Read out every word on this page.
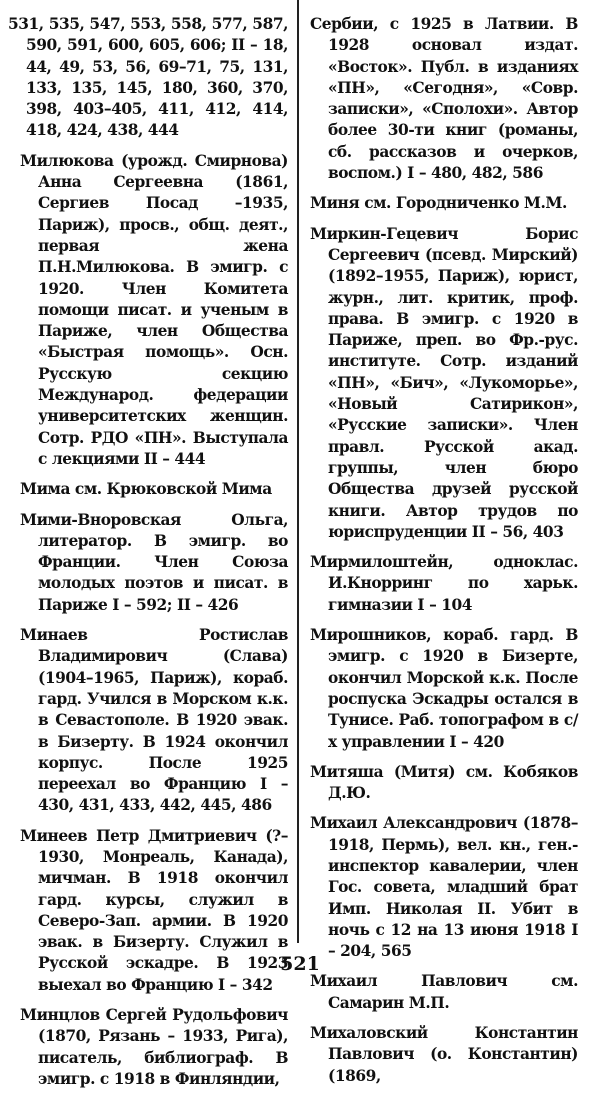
531, 535, 547, 553, 558, 577, 587, 590, 591, 600, 605, 606; II – 18, 44, 49, 53, 56, 69–71, 75, 131, 133, 135, 145, 180, 360, 370, 398, 403–405, 411, 412, 414, 418, 424, 438, 444
Милюкова (урожд. Смирнова) Анна Сергеевна (1861, Сергиев Посад –1935, Париж), просв., общ. деят., первая жена П.Н.Милюкова. В эмигр. с 1920. Член Комитета помощи писат. и ученым в Париже, член Общества «Быстрая помощь». Осн. Русскую секцию Международ. федерации университетских женщин. Сотр. РДО «ПН». Выступала с лекциями II – 444
Мима см. Крюковской Мима
Мими-Вноровская Ольга, литератор. В эмигр. во Франции. Член Союза молодых поэтов и писат. в Париже I – 592; II – 426
Минаев Ростислав Владимирович (Слава) (1904–1965, Париж), кораб. гард. Учился в Морском к.к. в Севастополе. В 1920 эвак. в Бизерту. В 1924 окончил корпус. После 1925 переехал во Францию I – 430, 431, 433, 442, 445, 486
Минеев Петр Дмитриевич (?–1930, Монреаль, Канада), мичман. В 1918 окончил гард. курсы, служил в Северо-Зап. армии. В 1920 эвак. в Бизерту. Служил в Русской эскадре. В 1923 выехал во Францию I – 342
Минцлов Сергей Рудольфович (1870, Рязань – 1933, Рига), писатель, библиограф. В эмигр. с 1918 в Финляндии,
Сербии, с 1925 в Латвии. В 1928 основал издат. «Восток». Публ. в изданиях «ПН», «Сегодня», «Совр. записки», «Сполохи». Автор более 30-ти книг (романы, сб. рассказов и очерков, воспом.) I – 480, 482, 586
Миня см. Городниченко М.М.
Миркин-Гецевич Борис Сергеевич (псевд. Мирский) (1892–1955, Париж), юрист, журн., лит. критик, проф. права. В эмигр. с 1920 в Париже, преп. во Фр.-рус. институте. Сотр. изданий «ПН», «Бич», «Лукоморье», «Новый Сатирикон», «Русские записки». Член правл. Русской акад. группы, член бюро Общества друзей русской книги. Автор трудов по юриспруденции II – 56, 403
Мирмилоштейн, одноклас. И.Кнорринг по харьк. гимназии I – 104
Мирошников, кораб. гард. В эмигр. с 1920 в Бизерте, окончил Морской к.к. После роспуска Эскадры остался в Тунисе. Раб. топографом в с/х управлении I – 420
Митяша (Митя) см. Кобяков Д.Ю.
Михаил Александрович (1878–1918, Пермь), вел. кн., ген.-инспектор кавалерии, член Гос. совета, младший брат Имп. Николая II. Убит в ночь с 12 на 13 июня 1918 I – 204, 565
Михаил Павлович см. Самарин М.П.
Михаловский Константин Павлович (о. Константин) (1869,
521
